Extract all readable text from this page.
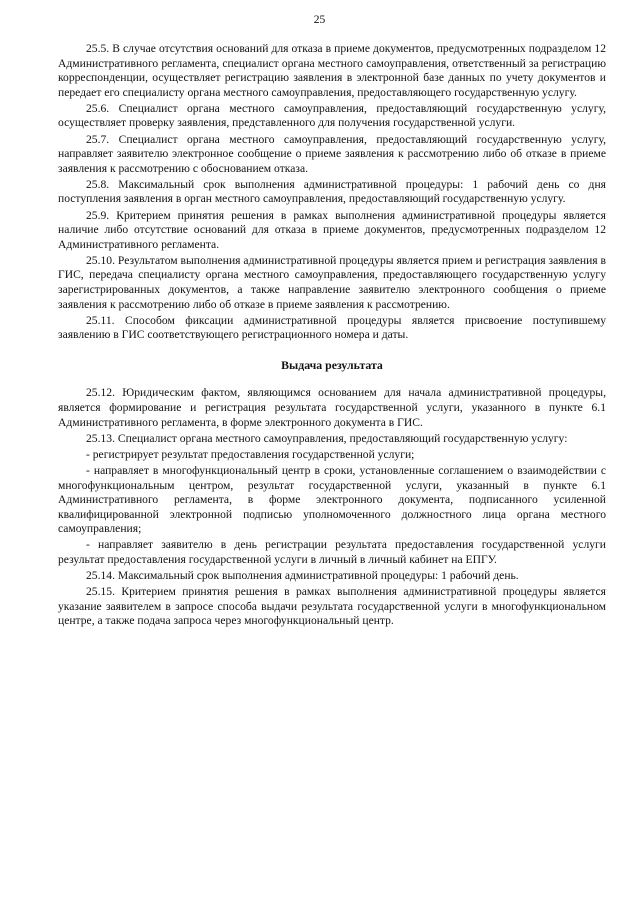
25

25.5. В случае отсутствия оснований для отказа в приеме документов, предусмотренных подразделом 12 Административного регламента, специалист органа местного самоуправления, ответственный за регистрацию корреспонденции, осуществляет регистрацию заявления в электронной базе данных по учету документов и передает его специалисту органа местного самоуправления, предоставляющего государственную услугу.

25.6. Специалист органа местного самоуправления, предоставляющий государственную услугу, осуществляет проверку заявления, представленного для получения государственной услуги.

25.7. Специалист органа местного самоуправления, предоставляющий государственную услугу, направляет заявителю электронное сообщение о приеме заявления к рассмотрению либо об отказе в приеме заявления к рассмотрению с обоснованием отказа.

25.8. Максимальный срок выполнения административной процедуры: 1 рабочий день со дня поступления заявления в орган местного самоуправления, предоставляющий государственную услугу.

25.9. Критерием принятия решения в рамках выполнения административной процедуры является наличие либо отсутствие оснований для отказа в приеме документов, предусмотренных подразделом 12 Административного регламента.

25.10. Результатом выполнения административной процедуры является прием и регистрация заявления в ГИС, передача специалисту органа местного самоуправления, предоставляющего государственную услугу зарегистрированных документов, а также направление заявителю электронного сообщения о приеме заявления к рассмотрению либо об отказе в приеме заявления к рассмотрению.

25.11. Способом фиксации административной процедуры является присвоение поступившему заявлению в ГИС соответствующего регистрационного номера и даты.

Выдача результата

25.12. Юридическим фактом, являющимся основанием для начала административной процедуры, является формирование и регистрация результата государственной услуги, указанного в пункте 6.1 Административного регламента, в форме электронного документа в ГИС.

25.13. Специалист органа местного самоуправления, предоставляющий государственную услугу:

- регистрирует результат предоставления государственной услуги;

- направляет в многофункциональный центр в сроки, установленные соглашением о взаимодействии с многофункциональным центром, результат государственной услуги, указанный в пункте 6.1 Административного регламента, в форме электронного документа, подписанного усиленной квалифицированной электронной подписью уполномоченного должностного лица органа местного самоуправления;

- направляет заявителю в день регистрации результата предоставления государственной услуги результат предоставления государственной услуги в личный в личный кабинет на ЕПГУ.

25.14. Максимальный срок выполнения административной процедуры: 1 рабочий день.

25.15. Критерием принятия решения в рамках выполнения административной процедуры является указание заявителем в запросе способа выдачи результата государственной услуги в многофункциональном центре, а также подача запроса через многофункциональный центр.
